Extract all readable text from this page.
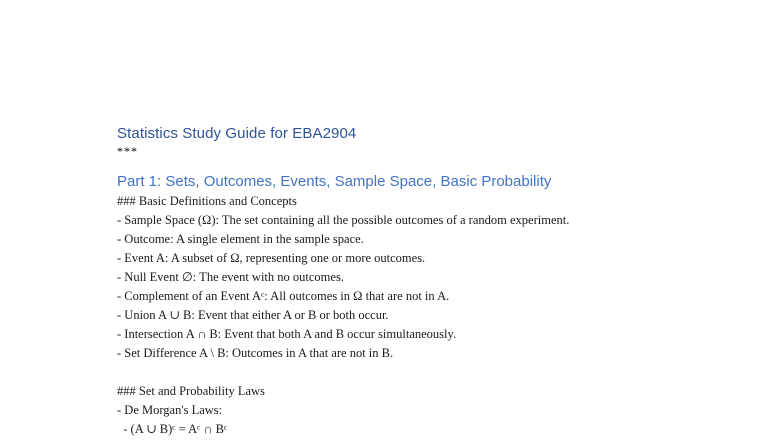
Statistics Study Guide for EBA2904

***

Part 1: Sets, Outcomes, Events, Sample Space, Basic Probability

### Basic Definitions and Concepts

- Sample Space (Ω): The set containing all the possible outcomes of a random experiment.

- Outcome: A single element in the sample space.

- Event A: A subset of Ω, representing one or more outcomes.

- Null Event ∅: The event with no outcomes.

- Complement of an Event Aᶜ: All outcomes in Ω that are not in A.

- Union A ∪ B: Event that either A or B or both occur.

- Intersection A ∩ B: Event that both A and B occur simultaneously.

- Set Difference A \ B: Outcomes in A that are not in B.

### Set and Probability Laws

- De Morgan's Laws:

- (A ∪ B)ᶜ = Aᶜ ∩ Bᶜ
